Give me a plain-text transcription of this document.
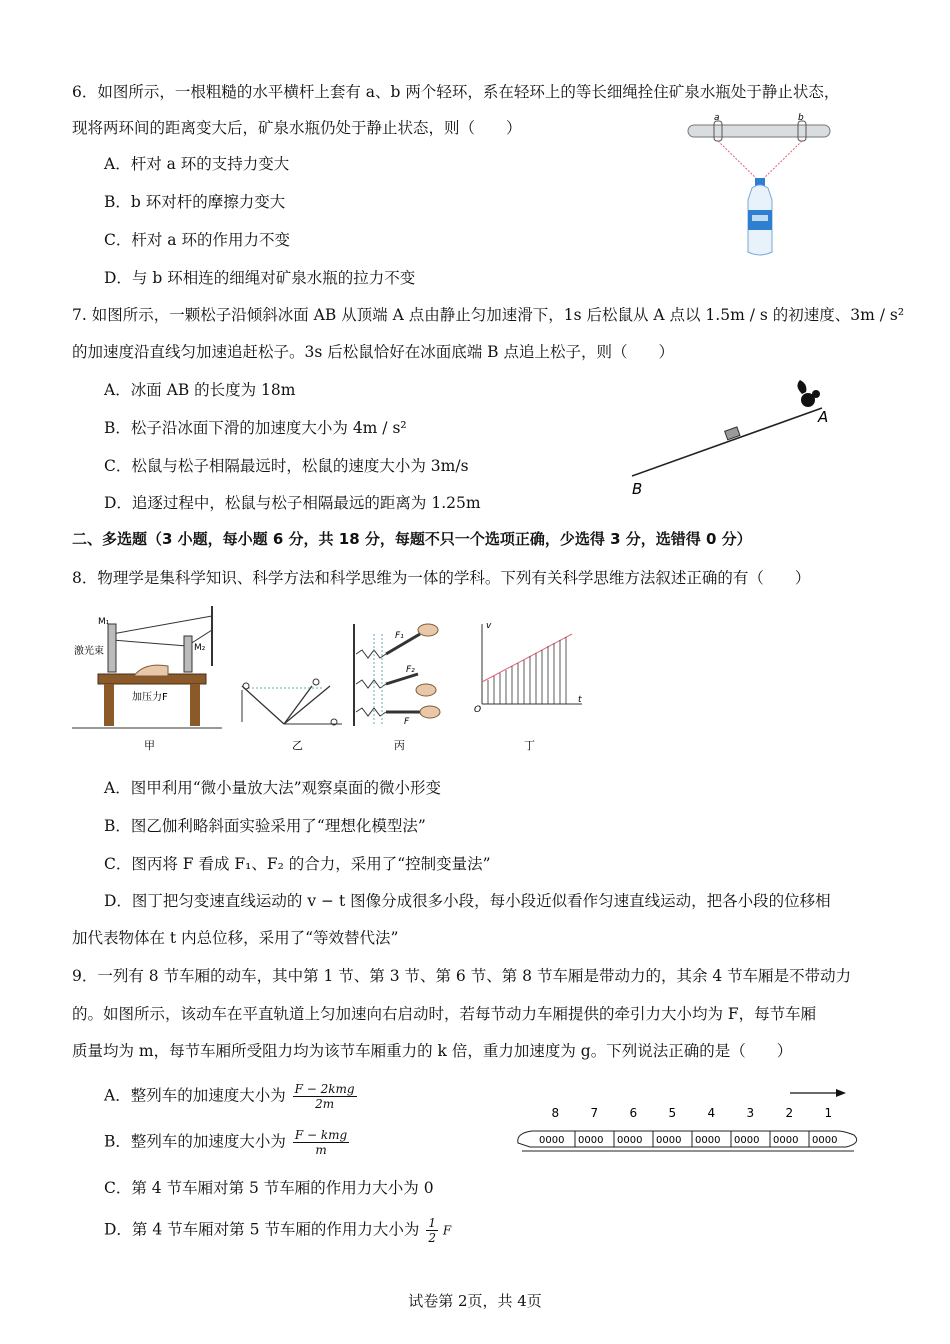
6．如图所示，一根粗糙的水平横杆上套有 a、b 两个轻环，系在轻环上的等长细绳拴住矿泉水瓶处于静止状态，
现将两环间的距离变大后，矿泉水瓶仍处于静止状态，则（　　）
A．杆对 a 环的支持力变大
B．b 环对杆的摩擦力变大
C．杆对 a 环的作用力不变
D．与 b 环相连的细绳对矿泉水瓶的拉力不变
a	b
7. 如图所示，一颗松子沿倾斜冰面 AB 从顶端 A 点由静止匀加速滑下，1s 后松鼠从 A 点以 1.5m / s 的初速度、3m / s²
的加速度沿直线匀加速追赶松子。3s 后松鼠恰好在冰面底端 B 点追上松子，则（　　）
A．冰面 AB 的长度为 18m
B．松子沿冰面下滑的加速度大小为 4m / s²
C．松鼠与松子相隔最远时，松鼠的速度大小为 3m/s
D．追逐过程中，松鼠与松子相隔最远的距离为 1.25m
A
B
二、多选题（3 小题，每小题 6 分，共 18 分，每题不只一个选项正确，少选得 3 分，选错得 0 分）
8．物理学是集科学知识、科学方法和科学思维为一体的学科。下列有关科学思维方法叙述正确的有（　　）
M₁
M₂
激光束
加压力F
甲	乙
F₁
F₂
F
丙
v
t
O
丁
A．图甲利用“微小量放大法”观察桌面的微小形变
B．图乙伽利略斜面实验采用了“理想化模型法”
C．图丙将 F 看成 F₁、F₂ 的合力，采用了“控制变量法”
D．图丁把匀变速直线运动的 v − t 图像分成很多小段，每小段近似看作匀速直线运动，把各小段的位移相
加代表物体在 t 内总位移，采用了“等效替代法”
9．一列有 8 节车厢的动车，其中第 1 节、第 3 节、第 6 节、第 8 节车厢是带动力的，其余 4 节车厢是不带动力
的。如图所示，该动车在平直轨道上匀加速向右启动时，若每节动力车厢提供的牵引力大小均为 F，每节车厢
质量均为 m，每节车厢所受阻力均为该节车厢重力的 k 倍，重力加速度为 g。下列说法正确的是（　　）
A．整列车的加速度大小为 $\frac{\text{F − 2kmg}}{2m}$
B．整列车的加速度大小为 $\frac{\text{F − kmg}}{m}$
C．第 4 节车厢对第 5 节车厢的作用力大小为 0
D．第 4 节车厢对第 5 节车厢的作用力大小为 $\frac{1}{2}$ F
8	7	6	5	4	3	2	1
0000 0000 0000 0000 0000 0000 0000 0000
试卷第 2页，共 4页
